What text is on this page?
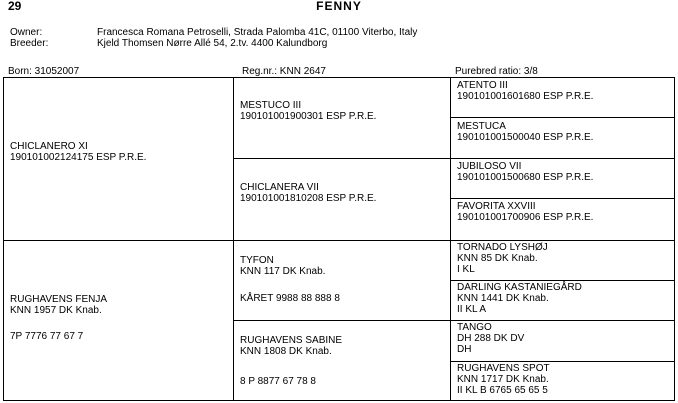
29	FENNY
Owner:	Francesca Romana Petroselli, Strada Palomba 41C, 01100 Viterbo, Italy
Breeder:	Kjeld Thomsen Nørre Allé 54, 2.tv. 4400 Kalundborg
Born: 31052007	Reg.nr.: KNN 2647	Purebred ratio: 3/8
CHICLANERO XI
190101002124175 ESP P.R.E.
RUGHAVENS FENJA
KNN 1957 DK Knab.
7P 7776 77 67 7
MESTUCO III
190101001900301 ESP P.R.E.
CHICLANERA VII
190101001810208 ESP P.R.E.
TYFON
KNN 117 DK Knab.
KÅRET 9988 88 888 8
RUGHAVENS SABINE
KNN 1808 DK Knab.
8 P 8877 67 78 8
ATENTO III
190101001601680 ESP P.R.E.
MESTUCA
190101001500040 ESP P.R.E.
JUBILOSO VII
190101001500680 ESP P.R.E.
FAVORITA XXVIII
190101001700906 ESP P.R.E.
TORNADO LYSHØJ
KNN 85 DK Knab.
I KL
DARLING KASTANIEGÅRD
KNN 1441 DK Knab.
II KL A
TANGO
DH 288 DK DV
DH
RUGHAVENS SPOT
KNN 1717 DK Knab.
II KL B 6765 65 65 5
